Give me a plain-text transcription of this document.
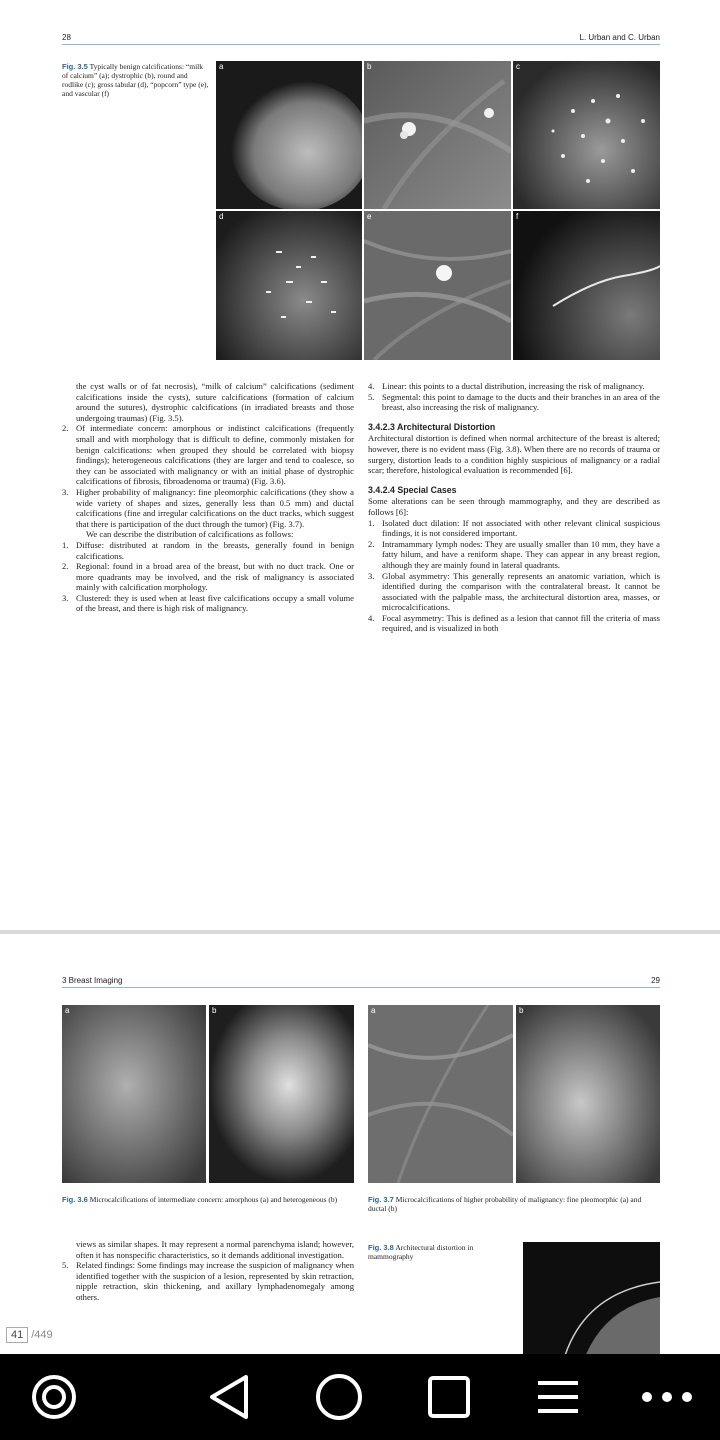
28	L. Urban and C. Urban
Fig. 3.5 Typically benign calcifications: “milk of calcium” (a); dystrophic (b), round and rodlike (c); gross tabular (d), “popcorn” type (e), and vascular (f)
a	b	c
d	e	f

the cyst walls or of fat necrosis), “milk of calcium” calcifications (sediment calcifications inside the cysts), suture calcifications (formation of calcium around the sutures), dystrophic calcifications (in irradiated breasts and those undergoing traumas) (Fig. 3.5).

2. Of intermediate concern: amorphous or indistinct calcifications (frequently small and with morphology that is difficult to define, commonly mistaken for benign calcifications: when grouped they should be correlated with biopsy findings); heterogeneous calcifications (they are larger and tend to coalesce, so they can be associated with malignancy or with an initial phase of dystrophic calcifications of fibrosis, fibroadenoma or trauma) (Fig. 3.6).
3. Higher probability of malignancy: fine pleomorphic calcifications (they show a wide variety of shapes and sizes, generally less than 0.5 mm) and ductal calcifications (fine and irregular calcifications on the duct tracks, which suggest that there is participation of the duct through the tumor) (Fig. 3.7).

We can describe the distribution of calcifications as follows:

1. Diffuse: distributed at random in the breasts, generally found in benign calcifications.
2. Regional: found in a broad area of the breast, but with no duct track. One or more quadrants may be involved, and the risk of malignancy is associated mainly with calcification morphology.
3. Clustered: they is used when at least five calcifications occupy a small volume of the breast, and there is high risk of malignancy.
4. Linear: this points to a ductal distribution, increasing the risk of malignancy.
5. Segmental: this point to damage to the ducts and their branches in an area of the breast, also increasing the risk of malignancy.

3.4.2.3 Architectural Distortion

Architectural distortion is defined when normal architecture of the breast is altered; however, there is no evident mass (Fig. 3.8). When there are no records of trauma or surgery, distortion leads to a condition highly suspicious of malignancy or a radial scar; therefore, histological evaluation is recommended [6].

3.4.2.4 Special Cases

Some alterations can be seen through mammography, and they are described as follows [6]:

1. Isolated duct dilation: If not associated with other relevant clinical suspicious findings, it is not considered important.
2. Intramammary lymph nodes: They are usually smaller than 10 mm, they have a fatty hilum, and have a reniform shape. They can appear in any breast region, although they are mainly found in lateral quadrants.
3. Global asymmetry: This generally represents an anatomic variation, which is identified during the comparison with the contralateral breast. It cannot be associated with the palpable mass, the architectural distortion area, masses, or microcalcifications.
4. Focal asymmetry: This is defined as a lesion that cannot fill the criteria of mass required, and is visualized in both
3 Breast Imaging	29
a	b
Fig. 3.6 Microcalcifications of intermediate concern: amorphous (a) and heterogeneous (b)
a	b
Fig. 3.7 Microcalcifications of higher probability of malignancy: fine pleomorphic (a) and ductal (b)

views as similar shapes. It may represent a normal parenchyma island; however, often it has nonspecific characteristics, so it demands additional investigation.

5. Related findings: Some findings may increase the suspicion of malignancy when identified together with the suspicion of a lesion, represented by skin retraction, nipple retraction, skin thickening, and axillary lymphadenomegaly among others.
Fig. 3.8 Architectural distortion in mammography
41 /449
